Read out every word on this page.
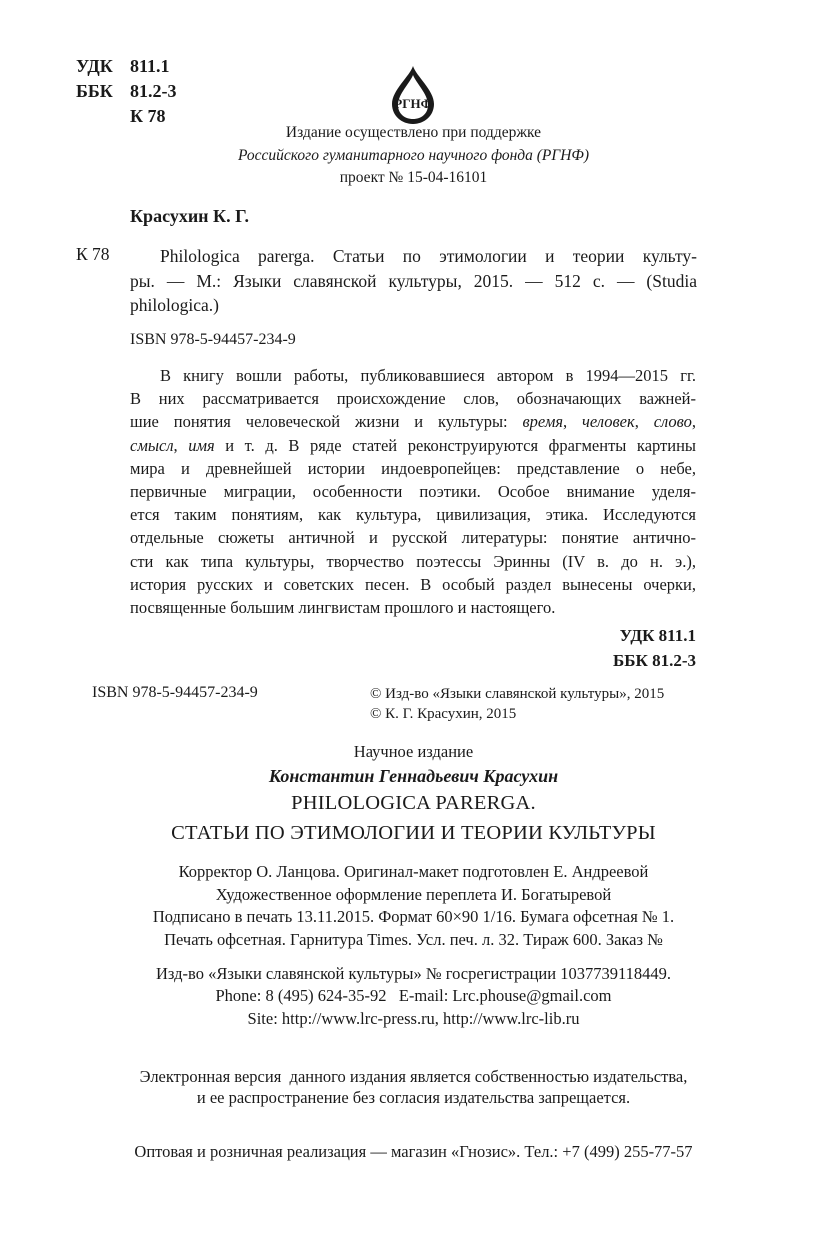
УДК 811.1
ББК 81.2-3
К 78
РГНФ
Издание осуществлено при поддержке
Российского гуманитарного научного фонда (РГНФ)
проект № 15-04-16101
Красухин К. Г.
К 78	Philologica parerga. Статьи по этимологии и теории культу-
ры. — М.: Языки славянской культуры, 2015. — 512 с. — (Studia
philologica.)
ISBN 978-5-94457-234-9
В книгу вошли работы, публиковавшиеся автором в 1994—2015 гг.
В них рассматривается происхождение слов, обозначающих важней-
шие понятия человеческой жизни и культуры: время, человек, слово,
смысл, имя и т. д. В ряде статей реконструируются фрагменты картины
мира и древнейшей истории индоевропейцев: представление о небе,
первичные миграции, особенности поэтики. Особое внимание уделя-
ется таким понятиям, как культура, цивилизация, этика. Исследуются
отдельные сюжеты античной и русской литературы: понятие антично-
сти как типа культуры, творчество поэтессы Эринны (IV в. до н. э.),
история русских и советских песен. В особый раздел вынесены очерки,
посвященные большим лингвистам прошлого и настоящего.
УДК 811.1
ББК 81.2-3
ISBN 978-5-94457-234-9	© Изд-во «Языки славянской культуры», 2015
© К. Г. Красухин, 2015
Научное издание
Константин Геннадьевич Красухин
PHILOLOGICA PARERGA.
СТАТЬИ ПО ЭТИМОЛОГИИ И ТЕОРИИ КУЛЬТУРЫ
Корректор О. Ланцова. Оригинал-макет подготовлен Е. Андреевой
Художественное оформление переплета И. Богатыревой
Подписано в печать 13.11.2015. Формат 60×90 1/16. Бумага офсетная № 1.
Печать офсетная. Гарнитура Times. Усл. печ. л. 32. Тираж 600. Заказ №
Изд-во «Языки славянской культуры» № госрегистрации 1037739118449.
Phone: 8 (495) 624-35-92   E-mail: Lrc.phouse@gmail.com
Site: http://www.lrc-press.ru, http://www.lrc-lib.ru
Электронная версия  данного издания является собственностью издательства,
и ее распространение без согласия издательства запрещается.
Оптовая и розничная реализация — магазин «Гнозис». Тел.: +7 (499) 255-77-57
